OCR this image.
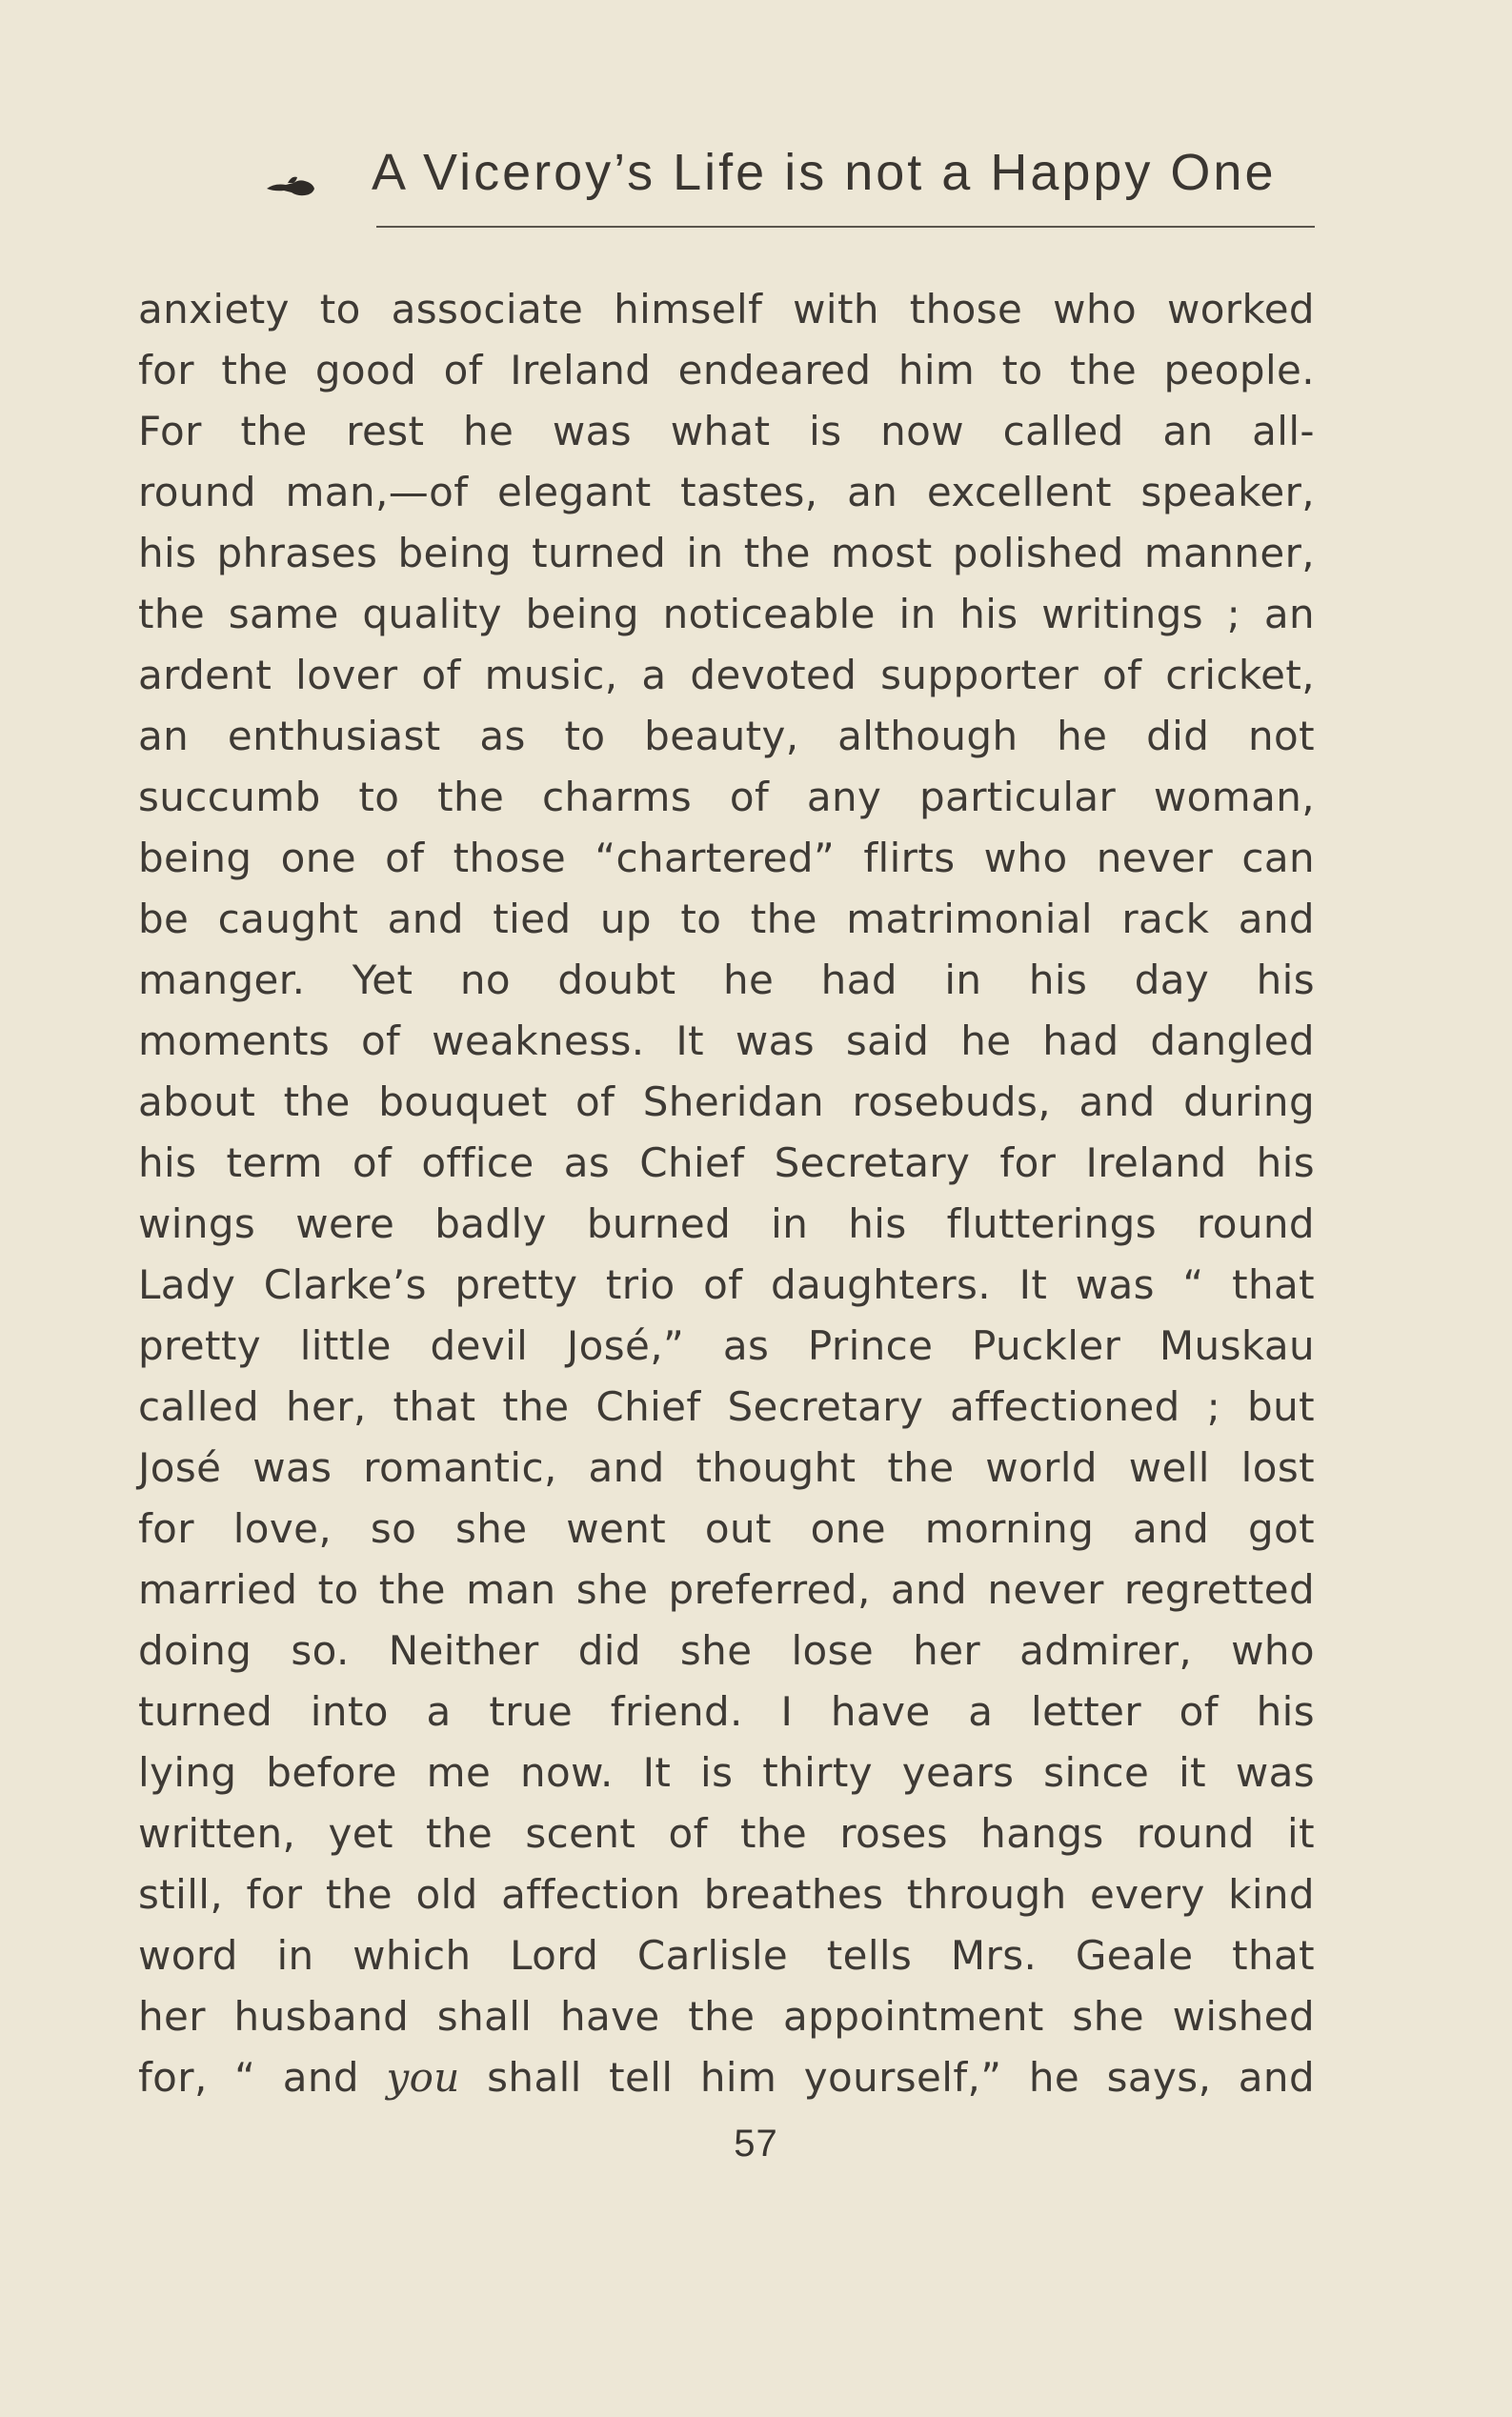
A Viceroy’s Life is not a Happy One
anxiety to associate himself with those who worked
for the good of Ireland endeared him to the people.
For the rest he was what is now called an all-
round man,—of elegant tastes, an excellent speaker,
his phrases being turned in the most polished manner,
the same quality being noticeable in his writings ; an
ardent lover of music, a devoted supporter of cricket,
an enthusiast as to beauty, although he did not
succumb to the charms of any particular woman,
being one of those “chartered” flirts who never can
be caught and tied up to the matrimonial rack and
manger. Yet no doubt he had in his day his
moments of weakness. It was said he had dangled
about the bouquet of Sheridan rosebuds, and during
his term of office as Chief Secretary for Ireland his
wings were badly burned in his flutterings round
Lady Clarke’s pretty trio of daughters. It was “ that
pretty little devil José,” as Prince Puckler Muskau
called her, that the Chief Secretary affectioned ; but
José was romantic, and thought the world well lost
for love, so she went out one morning and got
married to the man she preferred, and never regretted
doing so. Neither did she lose her admirer, who
turned into a true friend. I have a letter of his
lying before me now. It is thirty years since it was
written, yet the scent of the roses hangs round it
still, for the old affection breathes through every kind
word in which Lord Carlisle tells Mrs. Geale that
her husband shall have the appointment she wished
for, “ and you shall tell him yourself,” he says, and
57
